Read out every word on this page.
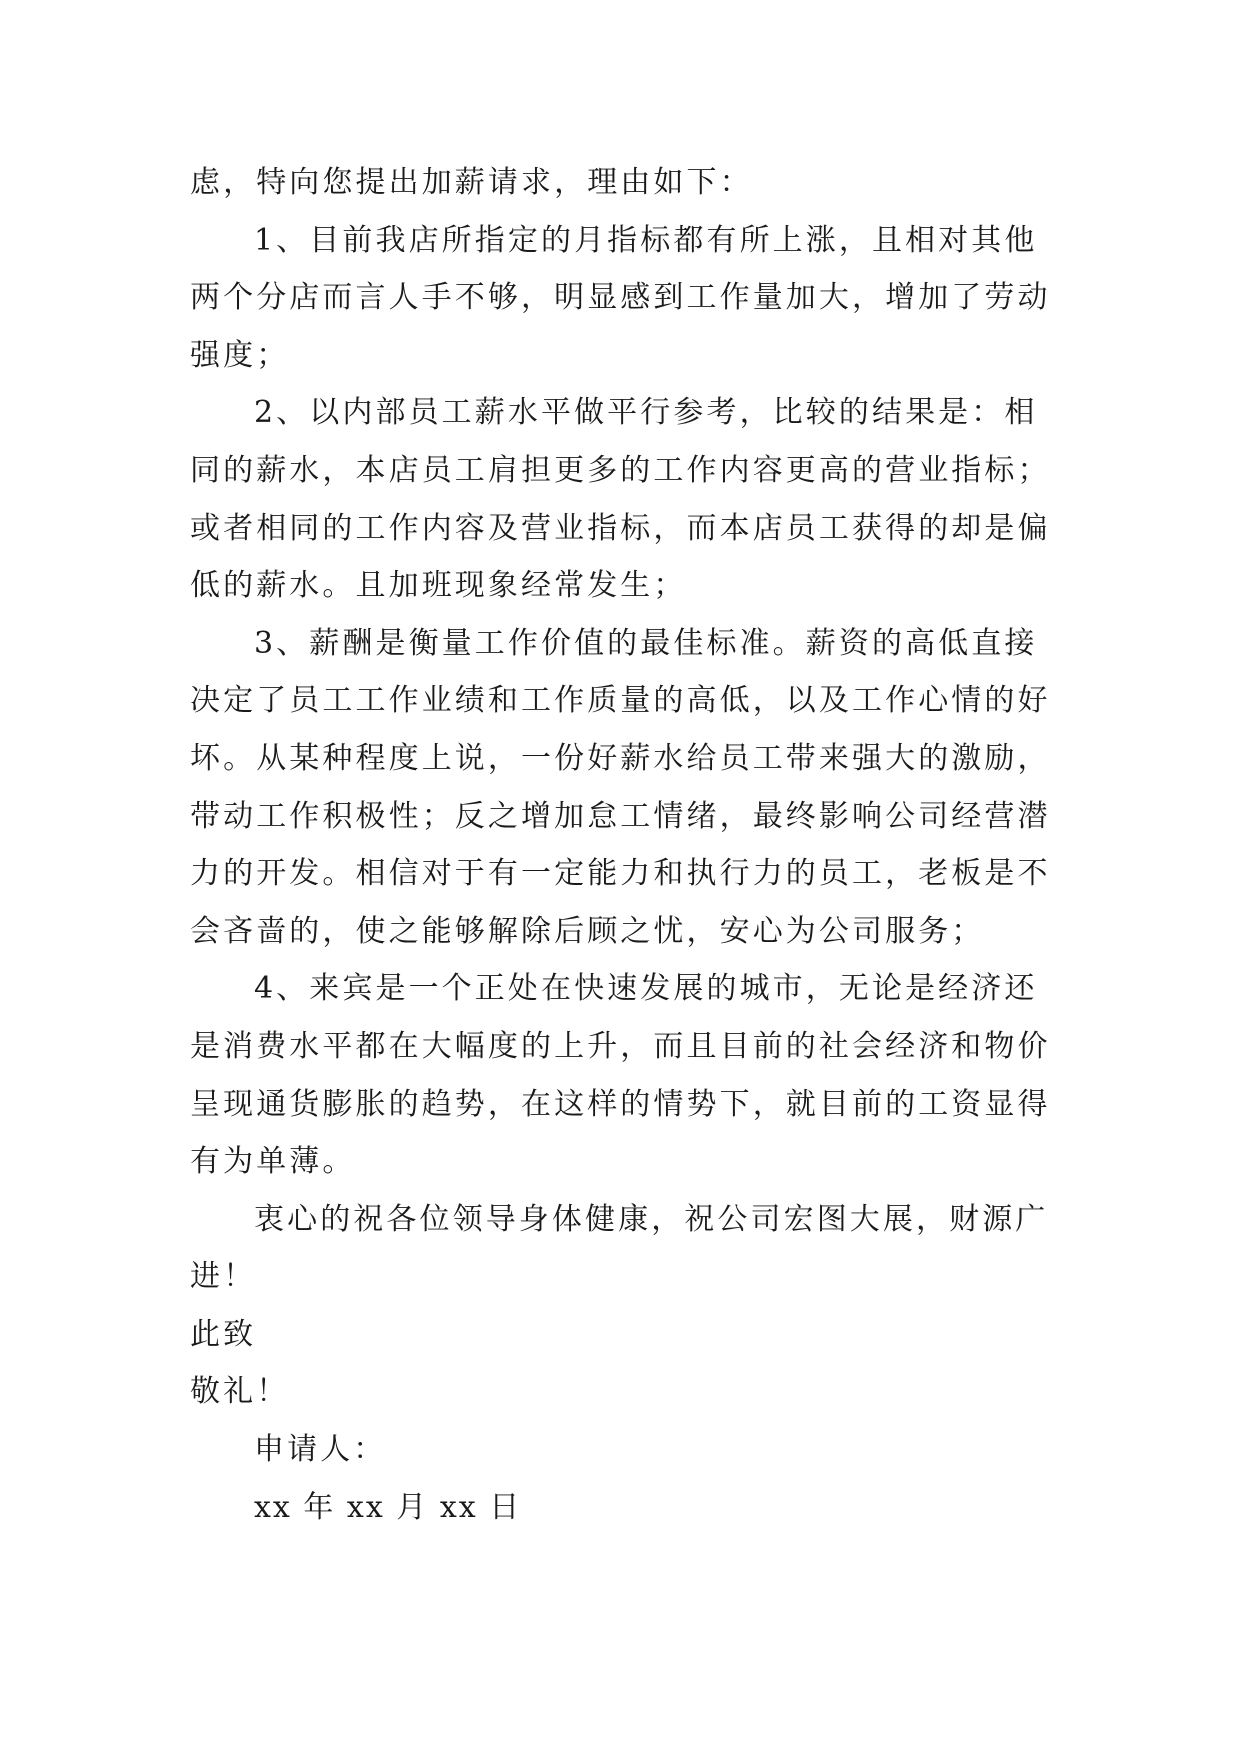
虑，特向您提出加薪请求，理由如下：
1、目前我店所指定的月指标都有所上涨，且相对其他
两个分店而言人手不够，明显感到工作量加大，增加了劳动
强度；
2、以内部员工薪水平做平行参考，比较的结果是：相
同的薪水，本店员工肩担更多的工作内容更高的营业指标；
或者相同的工作内容及营业指标，而本店员工获得的却是偏
低的薪水。且加班现象经常发生；
3、薪酬是衡量工作价值的最佳标准。薪资的高低直接
决定了员工工作业绩和工作质量的高低，以及工作心情的好
坏。从某种程度上说，一份好薪水给员工带来强大的激励，
带动工作积极性；反之增加怠工情绪，最终影响公司经营潜
力的开发。相信对于有一定能力和执行力的员工，老板是不
会吝啬的，使之能够解除后顾之忧，安心为公司服务；
4、来宾是一个正处在快速发展的城市，无论是经济还
是消费水平都在大幅度的上升，而且目前的社会经济和物价
呈现通货膨胀的趋势，在这样的情势下，就目前的工资显得
有为单薄。
衷心的祝各位领导身体健康，祝公司宏图大展，财源广
进！
此致
敬礼！
申请人：
xx 年 xx 月 xx 日
